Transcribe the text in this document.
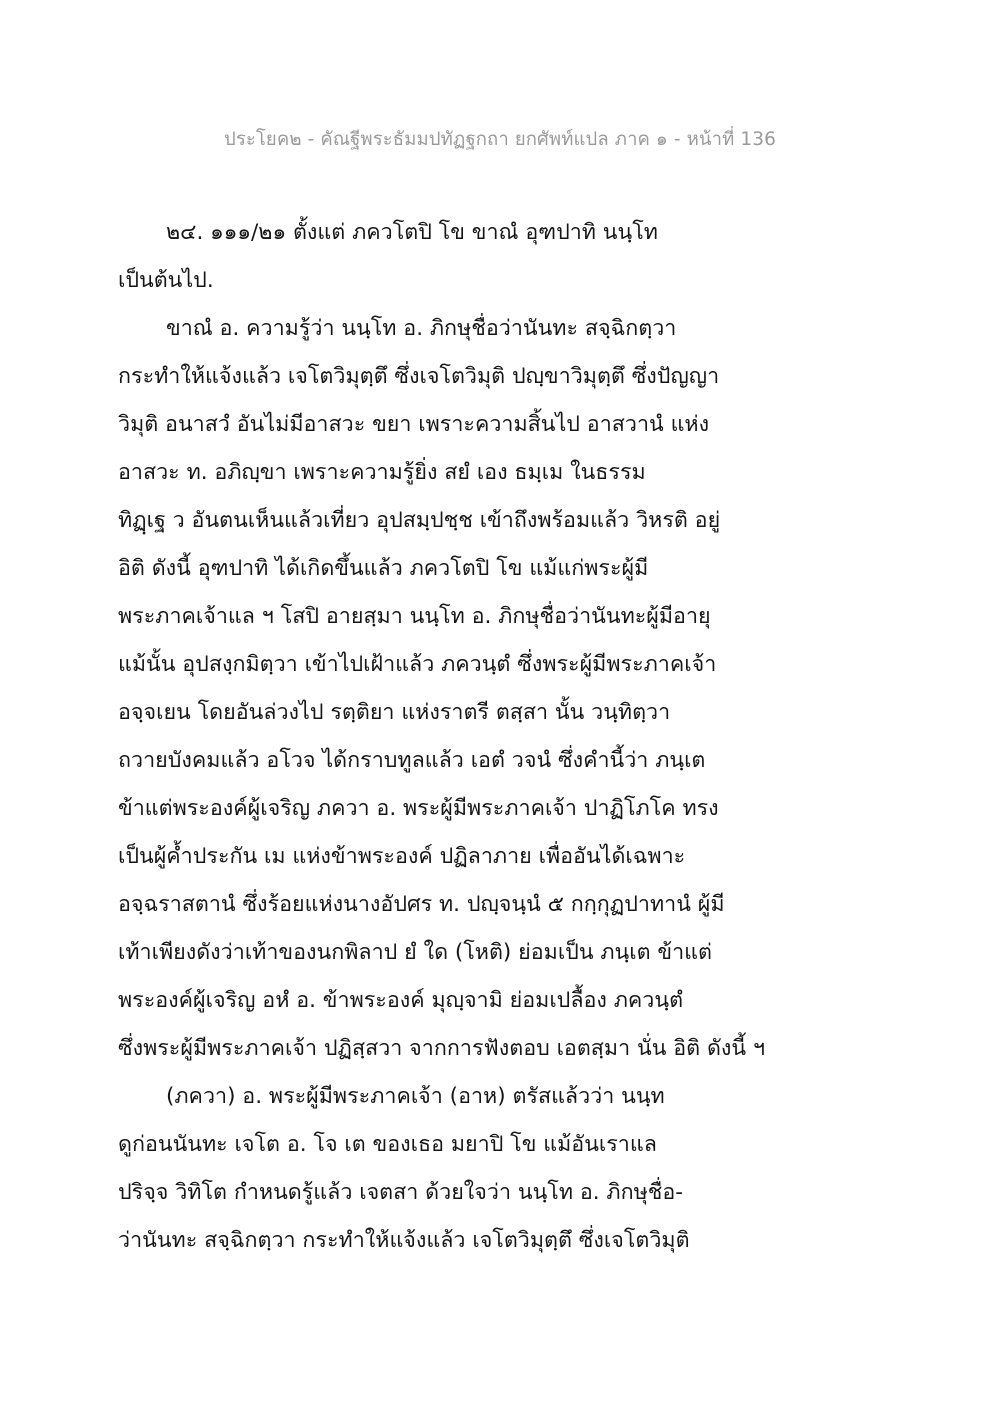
ประโยค๒ - คัณฐีพระธัมมปทัฏฐกถา ยกศัพท์แปล ภาค ๑ - หน้าที่ 136
๒๔. ๑๑๑/๒๑ ตั้งแต่ ภควโตปิ โข ขาณํ อุฑปาทิ นนฺโท
เป็นต้นไป.
ขาณํ อ. ความรู้ว่า นนฺโท อ. ภิกษุชื่อว่านันทะ สจฺฉิกตฺวา
กระทำให้แจ้งแล้ว เจโตวิมุตฺตึ ซึ่งเจโตวิมุติ ปญฺขาวิมุตฺตึ ซึ่งปัญญา
วิมุติ อนาสวํ อันไม่มีอาสวะ ขยา เพราะความสิ้นไป อาสวานํ แห่ง
อาสวะ ท. อภิญฺขา เพราะความรู้ยิ่ง สยํ เอง ธมฺเม ในธรรม
ทิฏฺเฐ ว อันตนเห็นแล้วเที่ยว อุปสมฺปชฺช เข้าถึงพร้อมแล้ว วิหรติ อยู่
อิติ ดังนี้ อุฑปาทิ ได้เกิดขึ้นแล้ว ภควโตปิ โข แม้แก่พระผู้มี
พระภาคเจ้าแล ฯ โสปิ อายสฺมา นนฺโท อ. ภิกษุชื่อว่านันทะผู้มีอายุ
แม้นั้น อุปสงฺกมิตฺวา เข้าไปเฝ้าแล้ว ภควนฺตํ ซึ่งพระผู้มีพระภาคเจ้า
อจฺจเยน โดยอันล่วงไป รตฺติยา แห่งราตรี ตสฺสา นั้น วนฺทิตฺวา
ถวายบังคมแล้ว อโวจ ได้กราบทูลแล้ว เอตํ วจนํ ซึ่งคำนี้ว่า ภนฺเต
ข้าแต่พระองค์ผู้เจริญ ภควา อ. พระผู้มีพระภาคเจ้า ปาฏิโภโค ทรง
เป็นผู้ค้ำประกัน เม แห่งข้าพระองค์ ปฏิลาภาย เพื่ออันได้เฉพาะ
อจฺฉราสตานํ ซึ่งร้อยแห่งนางอัปศร ท. ปญฺจนฺนํ ๕ กกฺกุฏปาทานํ ผู้มี
เท้าเพียงดังว่าเท้าของนกพิลาป ยํ ใด (โหติ) ย่อมเป็น ภนฺเต ข้าแต่
พระองค์ผู้เจริญ อหํ อ. ข้าพระองค์ มุญฺจามิ ย่อมเปลื้อง ภควนฺตํ
ซึ่งพระผู้มีพระภาคเจ้า ปฏิสฺสวา จากการฟังตอบ เอตสฺมา นั่น อิติ ดังนี้ ฯ
(ภควา) อ. พระผู้มีพระภาคเจ้า (อาห) ตรัสแล้วว่า นนฺท
ดูก่อนนันทะ เจโต อ. โจ เต ของเธอ มยาปิ โข แม้อันเราแล
ปริจฺจ วิทิโต กำหนดรู้แล้ว เจตสา ด้วยใจว่า นนฺโท อ. ภิกษุชื่อ-
ว่านันทะ สจฺฉิกตฺวา กระทำให้แจ้งแล้ว เจโตวิมุตฺตึ ซึ่งเจโตวิมุติ
